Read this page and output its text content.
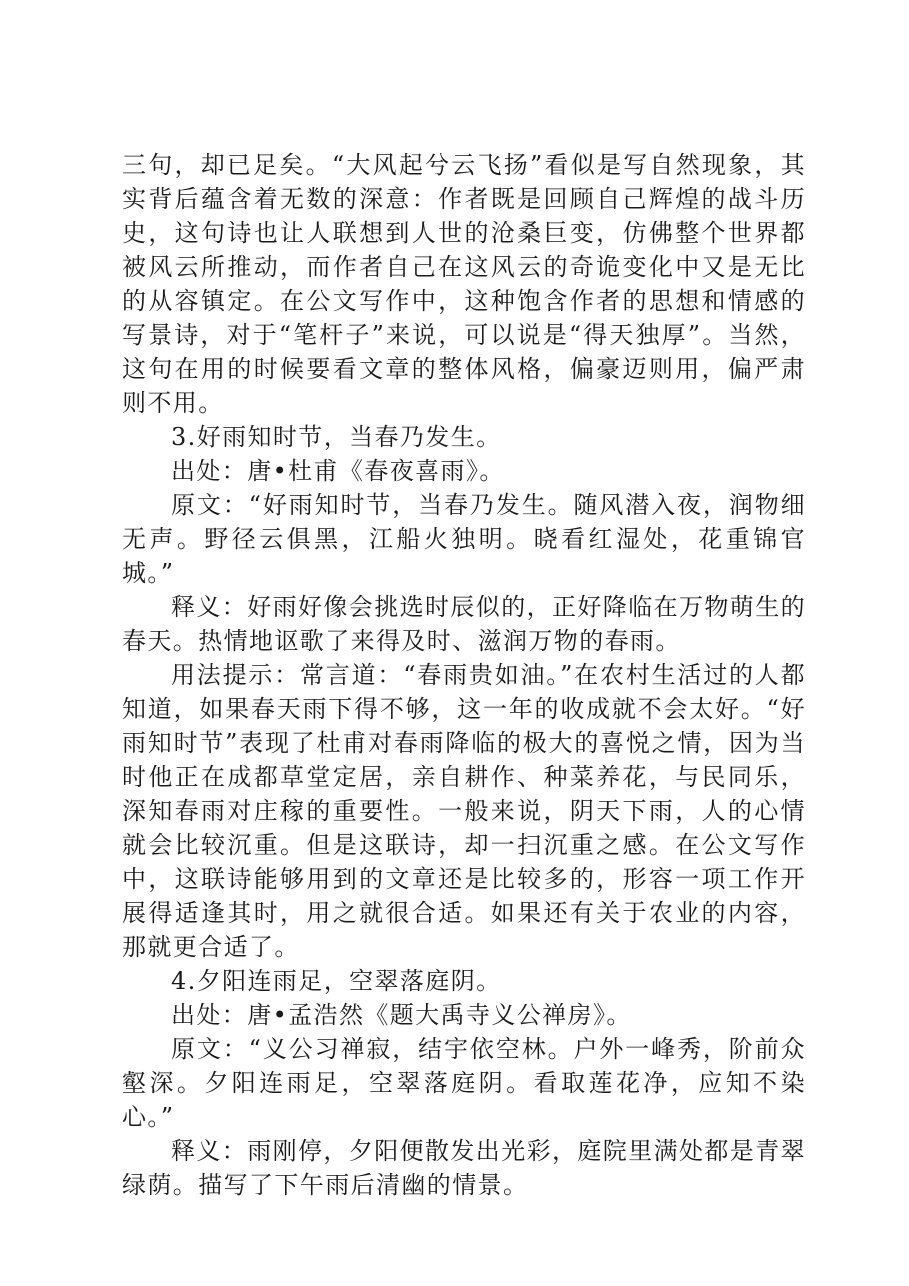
三句，却已足矣。“大风起兮云飞扬”看似是写自然现象，其实背后蕴含着无数的深意：作者既是回顾自己辉煌的战斗历史，这句诗也让人联想到人世的沧桑巨变，仿佛整个世界都被风云所推动，而作者自己在这风云的奇诡变化中又是无比的从容镇定。在公文写作中，这种饱含作者的思想和情感的写景诗，对于“笔杆子”来说，可以说是“得天独厚”。当然，这句在用的时候要看文章的整体风格，偏豪迈则用，偏严肃则不用。

3.好雨知时节，当春乃发生。

出处：唐•杜甫《春夜喜雨》。

原文：“好雨知时节，当春乃发生。随风潜入夜，润物细无声。野径云俱黑，江船火独明。晓看红湿处，花重锦官城。”

释义：好雨好像会挑选时辰似的，正好降临在万物萌生的春天。热情地讴歌了来得及时、滋润万物的春雨。

用法提示：常言道：“春雨贵如油。”在农村生活过的人都知道，如果春天雨下得不够，这一年的收成就不会太好。“好雨知时节”表现了杜甫对春雨降临的极大的喜悦之情，因为当时他正在成都草堂定居，亲自耕作、种菜养花，与民同乐，深知春雨对庄稼的重要性。一般来说，阴天下雨，人的心情就会比较沉重。但是这联诗，却一扫沉重之感。在公文写作中，这联诗能够用到的文章还是比较多的，形容一项工作开展得适逢其时，用之就很合适。如果还有关于农业的内容，那就更合适了。

4.夕阳连雨足，空翠落庭阴。

出处：唐•孟浩然《题大禹寺义公禅房》。

原文：“义公习禅寂，结宇依空林。户外一峰秀，阶前众壑深。夕阳连雨足，空翠落庭阴。看取莲花净，应知不染心。”

释义：雨刚停，夕阳便散发出光彩，庭院里满处都是青翠绿荫。描写了下午雨后清幽的情景。
